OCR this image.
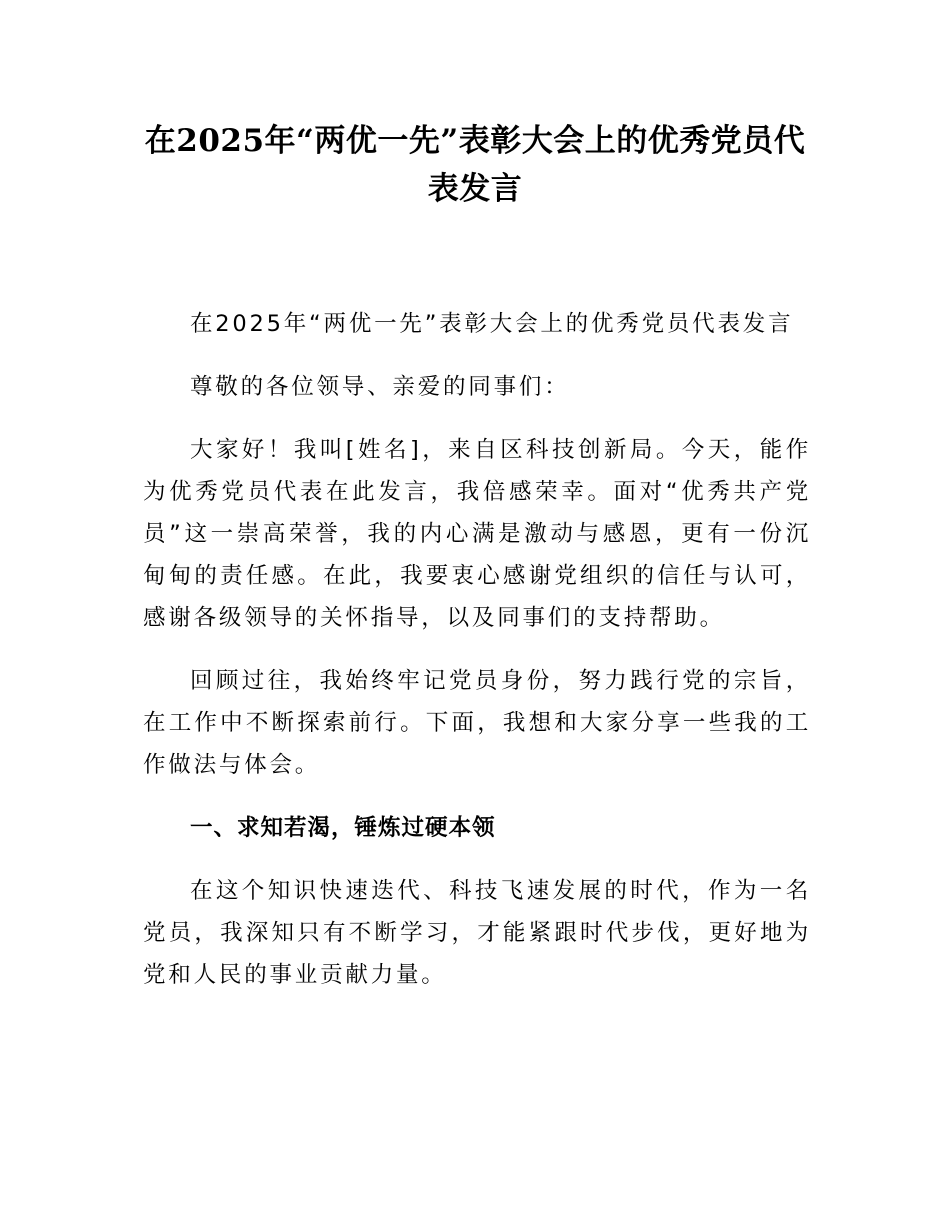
在2025年“两优一先”表彰大会上的优秀党员代表发言

在2025年“两优一先”表彰大会上的优秀党员代表发言

尊敬的各位领导、亲爱的同事们：

大家好！我叫[姓名]，来自区科技创新局。今天，能作为优秀党员代表在此发言，我倍感荣幸。面对“优秀共产党员”这一崇高荣誉，我的内心满是激动与感恩，更有一份沉甸甸的责任感。在此，我要衷心感谢党组织的信任与认可，感谢各级领导的关怀指导，以及同事们的支持帮助。

回顾过往，我始终牢记党员身份，努力践行党的宗旨，在工作中不断探索前行。下面，我想和大家分享一些我的工作做法与体会。

一、求知若渴，锤炼过硬本领

在这个知识快速迭代、科技飞速发展的时代，作为一名党员，我深知只有不断学习，才能紧跟时代步伐，更好地为党和人民的事业贡献力量。
